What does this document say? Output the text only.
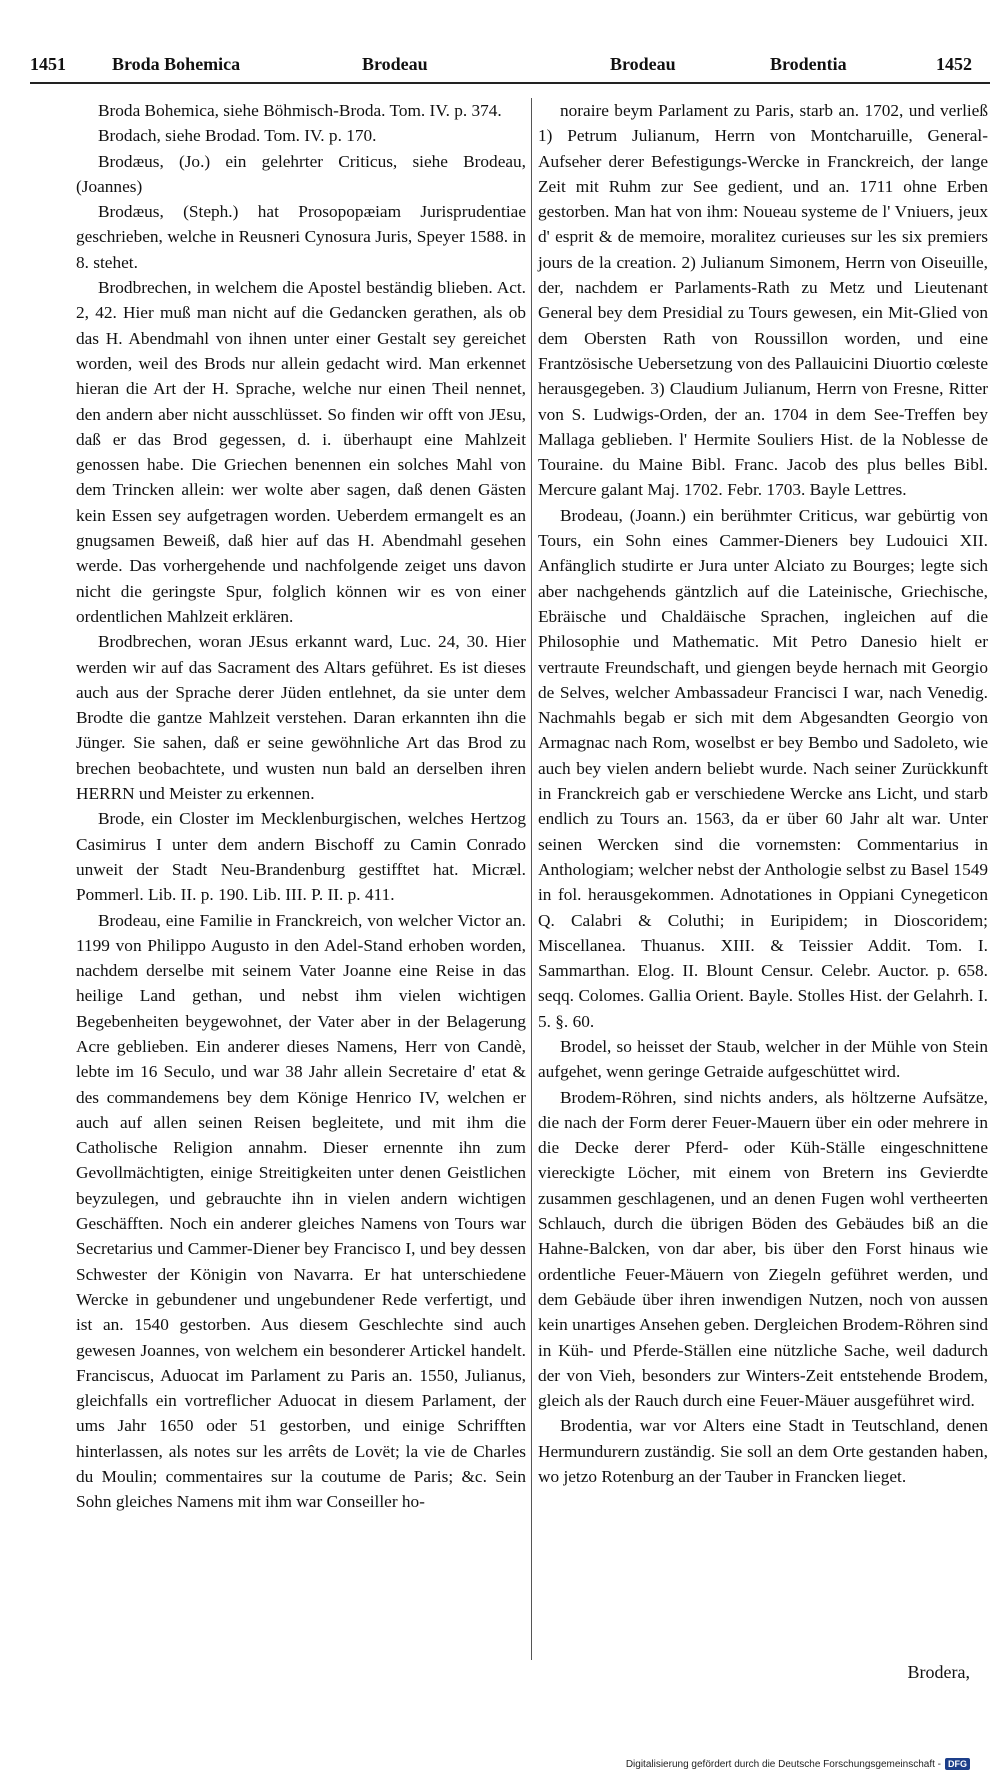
1451	Broda Bohemica	Brodeau	Brodeau	Brodentia	1452

Broda Bohemica, siehe Böhmisch-Broda. Tom. IV. p. 374.

Brodach, siehe Brodad. Tom. IV. p. 170.

Brodæus, (Jo.) ein gelehrter Criticus, siehe Brodeau, (Joannes)

Brodæus, (Steph.) hat Prosopopæiam Jurisprudentiae geschrieben, welche in Reusneri Cynosura Juris, Speyer 1588. in 8. stehet.

Brodbrechen, in welchem die Apostel beständig blieben. Act. 2, 42. Hier muß man nicht auf die Gedancken gerathen, als ob das H. Abendmahl von ihnen unter einer Gestalt sey gereichet worden, weil des Brods nur allein gedacht wird. Man erkennet hieran die Art der H. Sprache, welche nur einen Theil nennet, den andern aber nicht ausschlüsset. So finden wir offt von JEsu, daß er das Brod gegessen, d. i. überhaupt eine Mahlzeit genossen habe. Die Griechen benennen ein solches Mahl von dem Trincken allein: wer wolte aber sagen, daß denen Gästen kein Essen sey aufgetragen worden. Ueberdem ermangelt es an gnugsamen Beweiß, daß hier auf das H. Abendmahl gesehen werde. Das vorhergehende und nachfolgende zeiget uns davon nicht die geringste Spur, folglich können wir es von einer ordentlichen Mahlzeit erklären.

Brodbrechen, woran JEsus erkannt ward, Luc. 24, 30. Hier werden wir auf das Sacrament des Altars geführet. Es ist dieses auch aus der Sprache derer Jüden entlehnet, da sie unter dem Brodte die gantze Mahlzeit verstehen. Daran erkannten ihn die Jünger. Sie sahen, daß er seine gewöhnliche Art das Brod zu brechen beobachtete, und wusten nun bald an derselben ihren HERRN und Meister zu erkennen.

Brode, ein Closter im Mecklenburgischen, welches Hertzog Casimirus I unter dem andern Bischoff zu Camin Conrado unweit der Stadt Neu-Brandenburg gestifftet hat. Micræl. Pommerl. Lib. II. p. 190. Lib. III. P. II. p. 411.

Brodeau, eine Familie in Franckreich, von welcher Victor an. 1199 von Philippo Augusto in den Adel-Stand erhoben worden, nachdem derselbe mit seinem Vater Joanne eine Reise in das heilige Land gethan, und nebst ihm vielen wichtigen Begebenheiten beygewohnet, der Vater aber in der Belagerung Acre geblieben. Ein anderer dieses Namens, Herr von Candè, lebte im 16 Seculo, und war 38 Jahr allein Secretaire d' etat & des commandemens bey dem Könige Henrico IV, welchen er auch auf allen seinen Reisen begleitete, und mit ihm die Catholische Religion annahm. Dieser ernennte ihn zum Gevollmächtigten, einige Streitigkeiten unter denen Geistlichen beyzulegen, und gebrauchte ihn in vielen andern wichtigen Geschäfften. Noch ein anderer gleiches Namens von Tours war Secretarius und Cammer-Diener bey Francisco I, und bey dessen Schwester der Königin von Navarra. Er hat unterschiedene Wercke in gebundener und ungebundener Rede verfertigt, und ist an. 1540 gestorben. Aus diesem Geschlechte sind auch gewesen Joannes, von welchem ein besonderer Artickel handelt. Franciscus, Aduocat im Parlament zu Paris an. 1550, Julianus, gleichfalls ein vortreflicher Aduocat in diesem Parlament, der ums Jahr 1650 oder 51 gestorben, und einige Schrifften hinterlassen, als notes sur les arrêts de Lovët; la vie de Charles du Moulin; commentaires sur la coutume de Paris; &c. Sein Sohn gleiches Namens mit ihm war Conseiller ho-

noraire beym Parlament zu Paris, starb an. 1702, und verließ 1) Petrum Julianum, Herrn von Montcharuille, General-Aufseher derer Befestigungs-Wercke in Franckreich, der lange Zeit mit Ruhm zur See gedient, und an. 1711 ohne Erben gestorben. Man hat von ihm: Noueau systeme de l' Vniuers, jeux d' esprit & de memoire, moralitez curieuses sur les six premiers jours de la creation. 2) Julianum Simonem, Herrn von Oiseuille, der, nachdem er Parlaments-Rath zu Metz und Lieutenant General bey dem Presidial zu Tours gewesen, ein Mit-Glied von dem Obersten Rath von Roussillon worden, und eine Frantzösische Uebersetzung von des Pallauicini Diuortio cœleste herausgegeben. 3) Claudium Julianum, Herrn von Fresne, Ritter von S. Ludwigs-Orden, der an. 1704 in dem See-Treffen bey Mallaga geblieben. l' Hermite Souliers Hist. de la Noblesse de Touraine. du Maine Bibl. Franc. Jacob des plus belles Bibl. Mercure galant Maj. 1702. Febr. 1703. Bayle Lettres.

Brodeau, (Joann.) ein berühmter Criticus, war gebürtig von Tours, ein Sohn eines Cammer-Dieners bey Ludouici XII. Anfänglich studirte er Jura unter Alciato zu Bourges; legte sich aber nachgehends gäntzlich auf die Lateinische, Griechische, Ebräische und Chaldäische Sprachen, ingleichen auf die Philosophie und Mathematic. Mit Petro Danesio hielt er vertraute Freundschaft, und giengen beyde hernach mit Georgio de Selves, welcher Ambassadeur Francisci I war, nach Venedig. Nachmahls begab er sich mit dem Abgesandten Georgio von Armagnac nach Rom, woselbst er bey Bembo und Sadoleto, wie auch bey vielen andern beliebt wurde. Nach seiner Zurückkunft in Franckreich gab er verschiedene Wercke ans Licht, und starb endlich zu Tours an. 1563, da er über 60 Jahr alt war. Unter seinen Wercken sind die vornemsten: Commentarius in Anthologiam; welcher nebst der Anthologie selbst zu Basel 1549 in fol. herausgekommen. Adnotationes in Oppiani Cynegeticon Q. Calabri & Coluthi; in Euripidem; in Dioscoridem; Miscellanea. Thuanus. XIII. & Teissier Addit. Tom. I. Sammarthan. Elog. II. Blount Censur. Celebr. Auctor. p. 658. seqq. Colomes. Gallia Orient. Bayle. Stolles Hist. der Gelahrh. I. 5. §. 60.

Brodel, so heisset der Staub, welcher in der Mühle von Stein aufgehet, wenn geringe Getraide aufgeschüttet wird.

Brodem-Röhren, sind nichts anders, als höltzerne Aufsätze, die nach der Form derer Feuer-Mauern über ein oder mehrere in die Decke derer Pferd- oder Küh-Ställe eingeschnittene viereckigte Löcher, mit einem von Bretern ins Gevierdte zusammen geschlagenen, und an denen Fugen wohl vertheerten Schlauch, durch die übrigen Böden des Gebäudes biß an die Hahne-Balcken, von dar aber, bis über den Forst hinaus wie ordentliche Feuer-Mäuern von Ziegeln geführet werden, und dem Gebäude über ihren inwendigen Nutzen, noch von aussen kein unartiges Ansehen geben. Dergleichen Brodem-Röhren sind in Küh- und Pferde-Ställen eine nützliche Sache, weil dadurch der von Vieh, besonders zur Winters-Zeit entstehende Brodem, gleich als der Rauch durch eine Feuer-Mäuer ausgeführet wird.

Brodentia, war vor Alters eine Stadt in Teutschland, denen Hermundurern zuständig. Sie soll an dem Orte gestanden haben, wo jetzo Rotenburg an der Tauber in Francken lieget.

Brodera,
Digitalisierung gefördert durch die Deutsche Forschungsgemeinschaft - DFG
